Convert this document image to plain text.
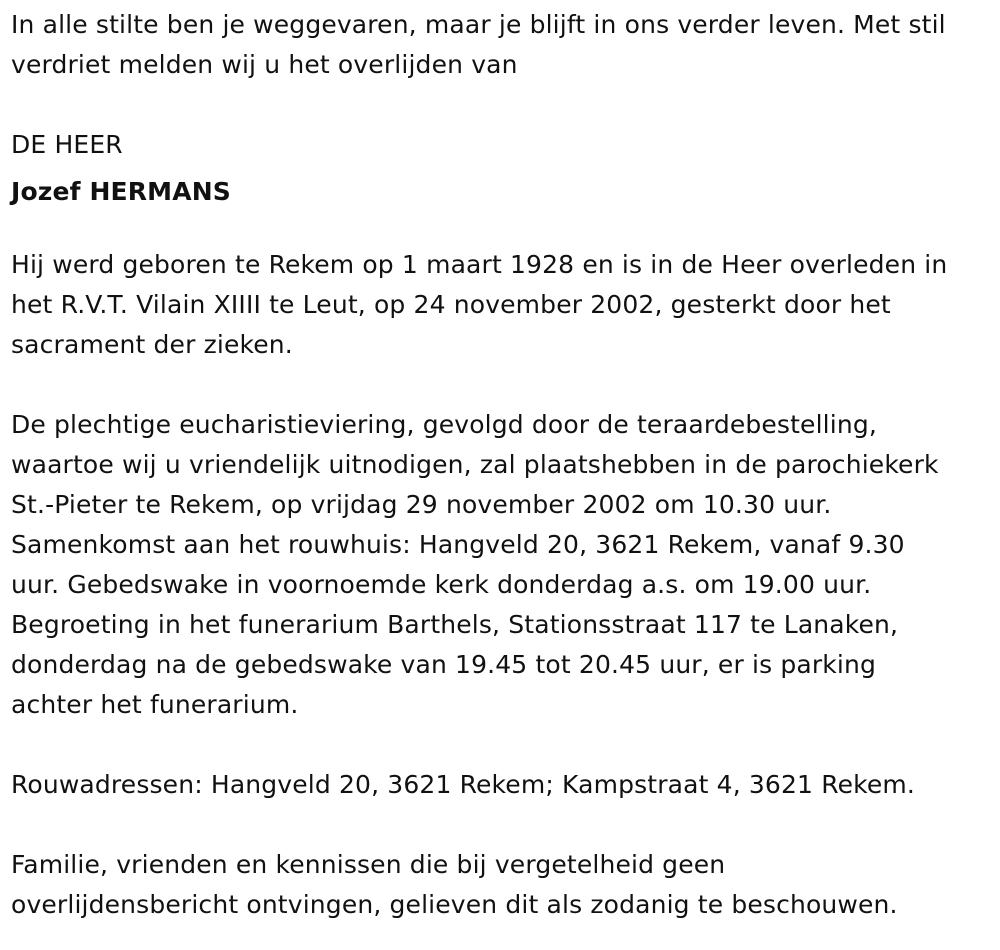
In alle stilte ben je weggevaren, maar je blijft in ons verder leven. Met stil
verdriet melden wij u het overlijden van
DE HEER
Jozef HERMANS
Hij werd geboren te Rekem op 1 maart 1928 en is in de Heer overleden in
het R.V.T. Vilain XIIII te Leut, op 24 november 2002, gesterkt door het
sacrament der zieken.
De plechtige eucharistieviering, gevolgd door de teraardebestelling,
waartoe wij u vriendelijk uitnodigen, zal plaatshebben in de parochiekerk
St.-Pieter te Rekem, op vrijdag 29 november 2002 om 10.30 uur.
Samenkomst aan het rouwhuis: Hangveld 20, 3621 Rekem, vanaf 9.30
uur. Gebedswake in voornoemde kerk donderdag a.s. om 19.00 uur.
Begroeting in het funerarium Barthels, Stationsstraat 117 te Lanaken,
donderdag na de gebedswake van 19.45 tot 20.45 uur, er is parking
achter het funerarium.
Rouwadressen: Hangveld 20, 3621 Rekem; Kampstraat 4, 3621 Rekem.
Familie, vrienden en kennissen die bij vergetelheid geen
overlijdensbericht ontvingen, gelieven dit als zodanig te beschouwen.
